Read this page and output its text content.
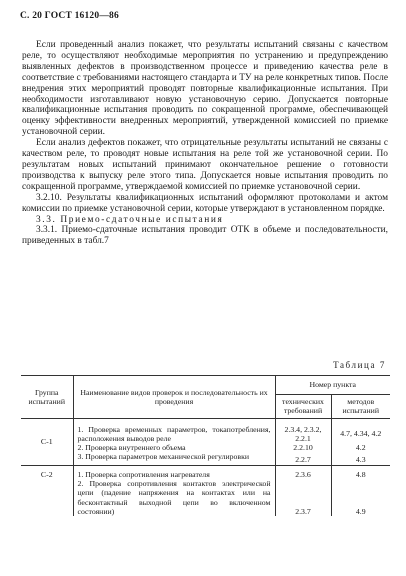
С. 20 ГОСТ 16120—86

Если проведенный анализ покажет, что результаты испытаний связаны с качеством реле, то осуществляют необходимые мероприятия по устранению и предупреждению выявленных дефектов в производственном процессе и приведению качества реле в соответствие с требованиями настоящего стандарта и ТУ на реле конкретных типов. После внедрения этих мероприятий проводят повторные квалификационные испытания. При необходимости изготавливают новую установочную серию. Допускается повторные квалификационные испытания проводить по сокращенной программе, обеспечивающей оценку эффективности внедренных мероприятий, утвержденной комиссией по приемке установочной серии.

Если анализ дефектов покажет, что отрицательные результаты испытаний не связаны с качеством реле, то проводят новые испытания на реле той же установочной серии. По результатам новых испытаний принимают окончательное решение о готовности производства к выпуску реле этого типа. Допускается новые испытания проводить по сокращенной программе, утверждаемой комиссией по приемке установочной серии.

3.2.10. Результаты квалификационных испытаний оформляют протоколами и актом комиссии по приемке установочной серии, которые утверждают в установленном порядке.

3.3. Приемо-сдаточные испытания

3.3.1. Приемо-сдаточные испытания проводит ОТК в объеме и последовательности, приведенных в табл.7

Таблица 7
Группа испытаний	Наименование видов проверок и последовательность их проведения	Номер пункта	
		технических требований	методов испытаний
С-1	1. Проверка временных параметров, токапотребления, расположения выводов реле	2.3.4, 2.3.2, 2.2.1	4.7, 4.34, 4.2
	2. Проверка внутреннего объема	2.2.10	4.2
	3. Проверка параметров механической регулировки	2.2.7	4.3
С-2	1. Проверка сопротивления нагревателя	2.3.6	4.8
	2. Проверка сопротивления контактов электрической цепи (падение напряжения на контактах или на бесконтактный выходной цепи во включенном состоянии)	2.3.7	4.9
